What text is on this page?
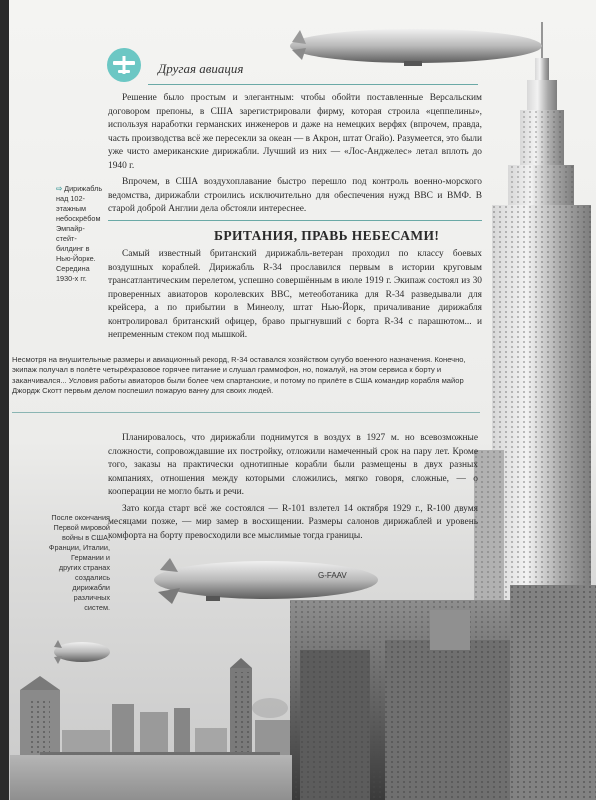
G-FAAV
Другая авиация

Решение было простым и элегантным: чтобы обойти поставленные Версальским договором препоны, в США зарегистрировали фирму, которая строила «цеппелины», используя наработки германских инженеров и даже на немецких верфях (впрочем, правда, часть производства всё же пересекли за океан — в Акрон, штат Огайо). Разумеется, это были уже чисто американские дирижабли. Лучший из них — «Лос-Анджелес» летал вплоть до 1940 г.

Впрочем, в США воздухоплавание быстро перешло под контроль военно-морского ведомства, дирижабли строились исключительно для обеспечения нужд ВВС и ВМФ. В старой доброй Англии дела обстояли интереснее.

⇨ Дирижабль над 102-этажным небоскрёбом Эмпайр-стейт-билдинг в Нью-Йорке. Середина 1930-х гг.
БРИТАНИЯ, ПРАВЬ НЕБЕСАМИ!

Самый известный британский дирижабль-ветеран проходил по классу боевых воздушных кораблей. Дирижабль R-34 прославился первым в истории круговым трансатлантическим перелетом, успешно совершённым в июле 1919 г. Экипаж состоял из 30 проверенных авиаторов королевских ВВС, метеоботаника для R-34 разведывали для крейсера, а по прибытии в Минеолу, штат Нью-Йорк, причаливание дирижабля контролировал британский офицер, браво прыгнувший с борта R-34 с парашютом... и непременным стеком под мышкой.

Несмотря на внушительные размеры и авиационный рекорд, R-34 оставался хозяйством сугубо военного назначения. Конечно, экипаж получал в полёте четырёхразовое горячее питание и слушал граммофон, но, пожалуй, на этом сервиса к борту и заканчивался... Условия работы авиаторов были более чем спартанские, и потому по прилёте в США командир корабля майор Джордж Скотт первым делом поспешил пожарую ванну для своих людей.

Планировалось, что дирижабли поднимутся в воздух в 1927 м. но всевозможные сложности, сопровождавшие их постройку, отложили намеченный срок на пару лет. Кроме того, заказы на практически однотипные корабли были размещены в двух разных компаниях, отношения между которыми сложились, мягко говоря, сложные, — о кооперации не могло быть и речи.

Зато когда старт всё же состоялся — R-101 взлетел 14 октября 1929 г., R-100 двумя месяцами позже, — мир замер в восхищении. Размеры салонов дирижаблей и уровень комфорта на борту превосходили все мыслимые тогда границы.

После окончания Первой мировой войны в США, Франции, Италии, Германии и других странах создались дирижабли различных систем.
